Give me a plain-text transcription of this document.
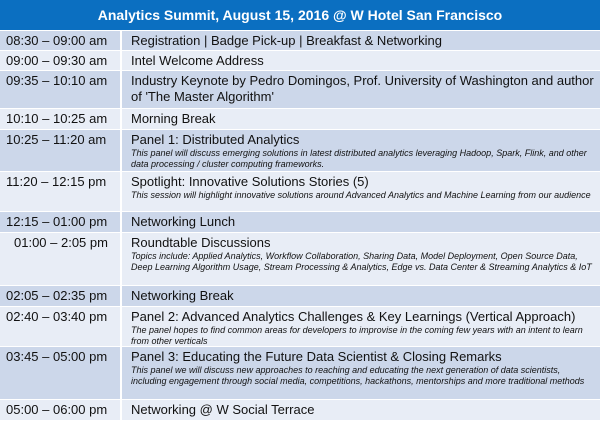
Analytics Summit, August 15, 2016 @ W Hotel San Francisco
08:30 – 09:00 am	Registration | Badge Pick-up | Breakfast & Networking
09:00 – 09:30 am	Intel Welcome Address
09:35 – 10:10 am	Industry Keynote by Pedro Domingos, Prof. University of Washington and author of 'The Master Algorithm'
10:10 – 10:25 am	Morning Break
10:25 – 11:20 am	Panel 1: Distributed Analytics
This panel will discuss emerging solutions in latest distributed analytics leveraging Hadoop, Spark, Flink, and other data processing / cluster computing frameworks.
11:20 – 12:15 pm	Spotlight: Innovative Solutions Stories (5)
This session will highlight innovative solutions around Advanced Analytics and Machine Learning from our audience
12:15 – 01:00 pm	Networking Lunch
01:00 – 2:05 pm	Roundtable Discussions
Topics include: Applied Analytics, Workflow Collaboration, Sharing Data, Model Deployment, Open Source Data, Deep Learning Algorithm Usage, Stream Processing & Analytics, Edge vs. Data Center & Streaming Analytics & IoT
02:05 – 02:35 pm	Networking Break
02:40 – 03:40 pm	Panel 2: Advanced Analytics Challenges & Key Learnings (Vertical Approach)
The panel hopes to find common areas for developers to improvise in the coming few years with an intent to learn from other verticals
03:45 – 05:00 pm	Panel 3: Educating the Future Data Scientist & Closing Remarks
This panel we will discuss new approaches to reaching and educating the next generation of data scientists, including engagement through social media, competitions, hackathons, mentorships and more traditional methods
05:00 – 06:00 pm	Networking @ W Social Terrace
